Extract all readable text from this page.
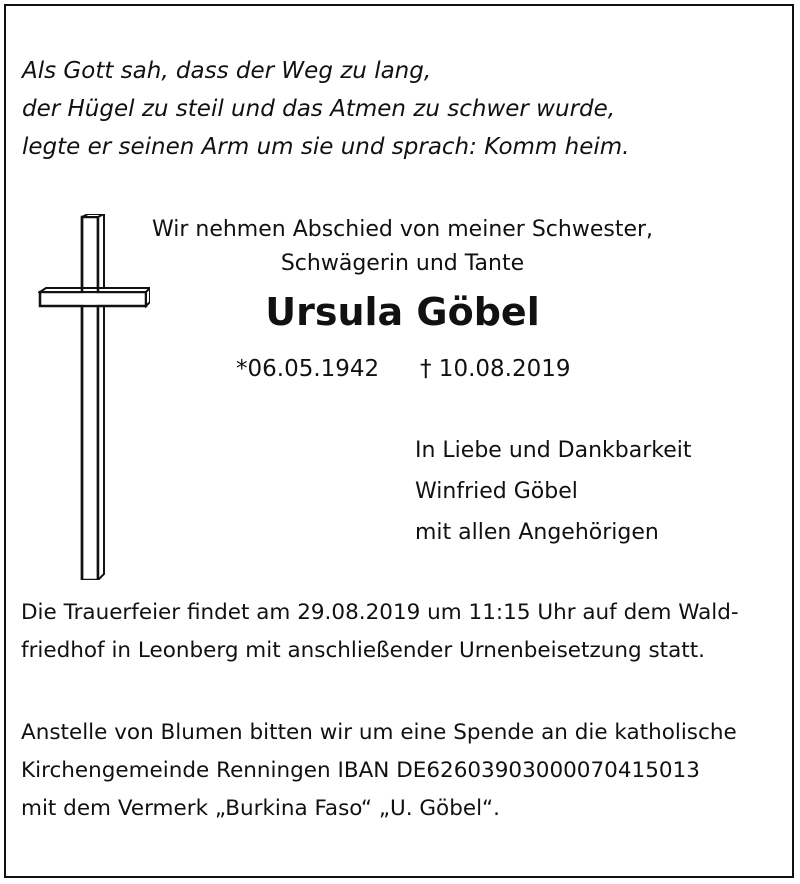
Als Gott sah, dass der Weg zu lang,
der Hügel zu steil und das Atmen zu schwer wurde,
legte er seinen Arm um sie und sprach: Komm heim.
Wir nehmen Abschied von meiner Schwester,
Schwägerin und Tante
Ursula Göbel
*06.05.1942 † 10.08.2019
In Liebe und Dankbarkeit
Winfried Göbel
mit allen Angehörigen
Die Trauerfeier findet am 29.08.2019 um 11:15 Uhr auf dem Wald-
friedhof in Leonberg mit anschließender Urnenbeisetzung statt.
Anstelle von Blumen bitten wir um eine Spende an die katholische
Kirchengemeinde Renningen IBAN DE62603903000070415013
mit dem Vermerk „Burkina Faso“ „U. Göbel“.
